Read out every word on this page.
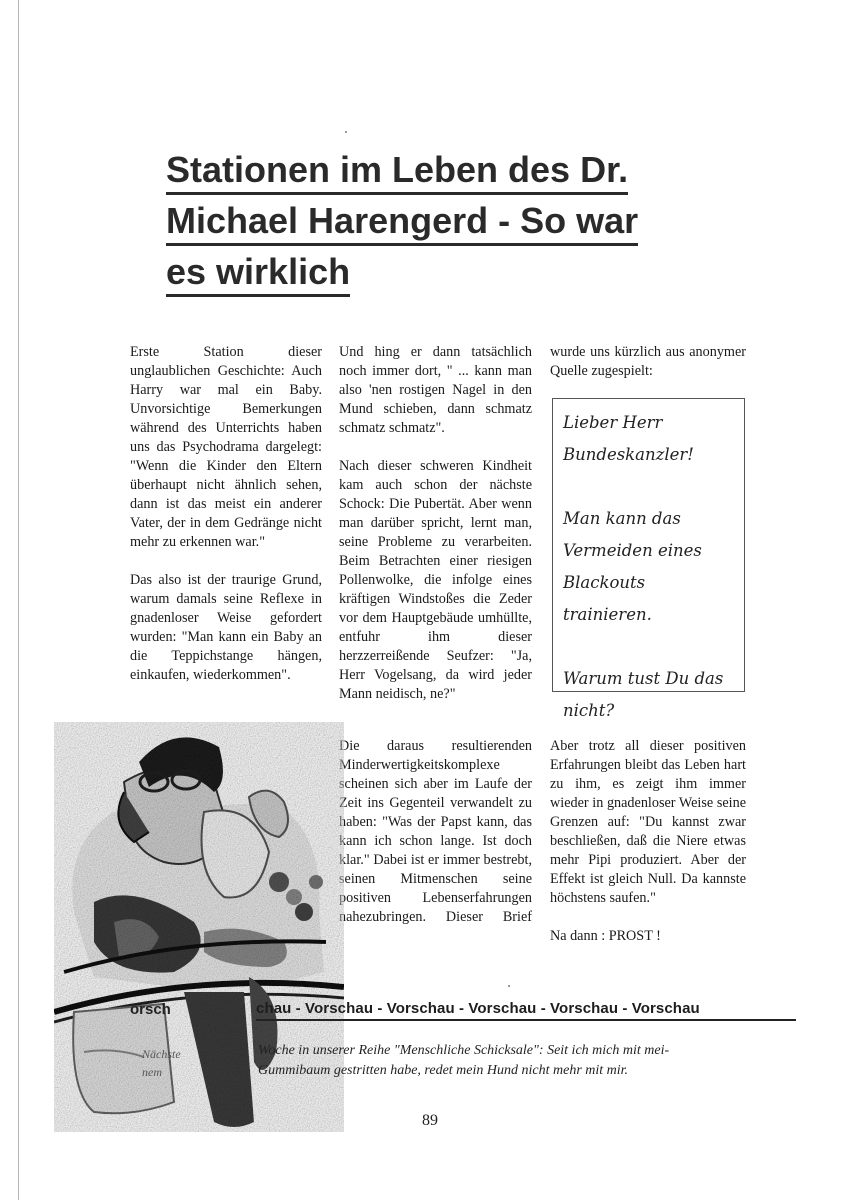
Stationen im Leben des Dr.
Michael Harengerd - So war
es wirklich

Erste Station dieser unglaublichen Geschichte: Auch Harry war mal ein Baby. Unvorsichtige Bemerkungen während des Unterrichts haben uns das Psychodrama dargelegt: "Wenn die Kinder den Eltern überhaupt nicht ähnlich sehen, dann ist das meist ein anderer Vater, der in dem Gedränge nicht mehr zu erkennen war."

Das also ist der traurige Grund, warum damals seine Reflexe in gnadenloser Weise gefordert wurden: "Man kann ein Baby an die Teppichstange hängen, einkaufen, wiederkommen".

Und hing er dann tatsächlich noch immer dort, " ... kann man also 'nen rostigen Nagel in den Mund schieben, dann schmatz schmatz schmatz".

Nach dieser schweren Kindheit kam auch schon der nächste Schock: Die Pubertät. Aber wenn man darüber spricht, lernt man, seine Probleme zu verarbeiten. Beim Betrachten einer riesigen Pollenwolke, die infolge eines kräftigen Windstoßes die Zeder vor dem Hauptgebäude umhüllte, entfuhr ihm dieser herzzerreißende Seufzer: "Ja, Herr Vogelsang, da wird jeder Mann neidisch, ne?"

Die daraus resultierenden Minderwertigkeitskomplexe scheinen sich aber im Laufe der Zeit ins Gegenteil verwandelt zu haben: "Was der Papst kann, das kann ich schon lange. Ist doch klar." Dabei ist er immer bestrebt, seinen Mitmenschen seine positiven Lebenserfahrungen nahezubringen. Dieser Brief

wurde uns kürzlich aus anonymer Quelle zugespielt:

Lieber Herr Bundeskanzler!

Man kann das Vermeiden eines Blackouts trainieren.

Warum tust Du das nicht?

Aber trotz all dieser positiven Erfahrungen bleibt das Leben hart zu ihm, es zeigt ihm immer wieder in gnadenloser Weise seine Grenzen auf: "Du kannst zwar beschließen, daß die Niere etwas mehr Pipi produziert. Aber der Effekt ist gleich Null. Da kannste höchstens saufen."

Na dann : PROST !

orsch	chau - Vorschau - Vorschau - Vorschau - Vorschau - Vorschau
Nächste
nem
Woche in unserer Reihe "Menschliche Schicksale": Seit ich mich mit mei-
Gummibaum gestritten habe, redet mein Hund nicht mehr mit mir.
89
